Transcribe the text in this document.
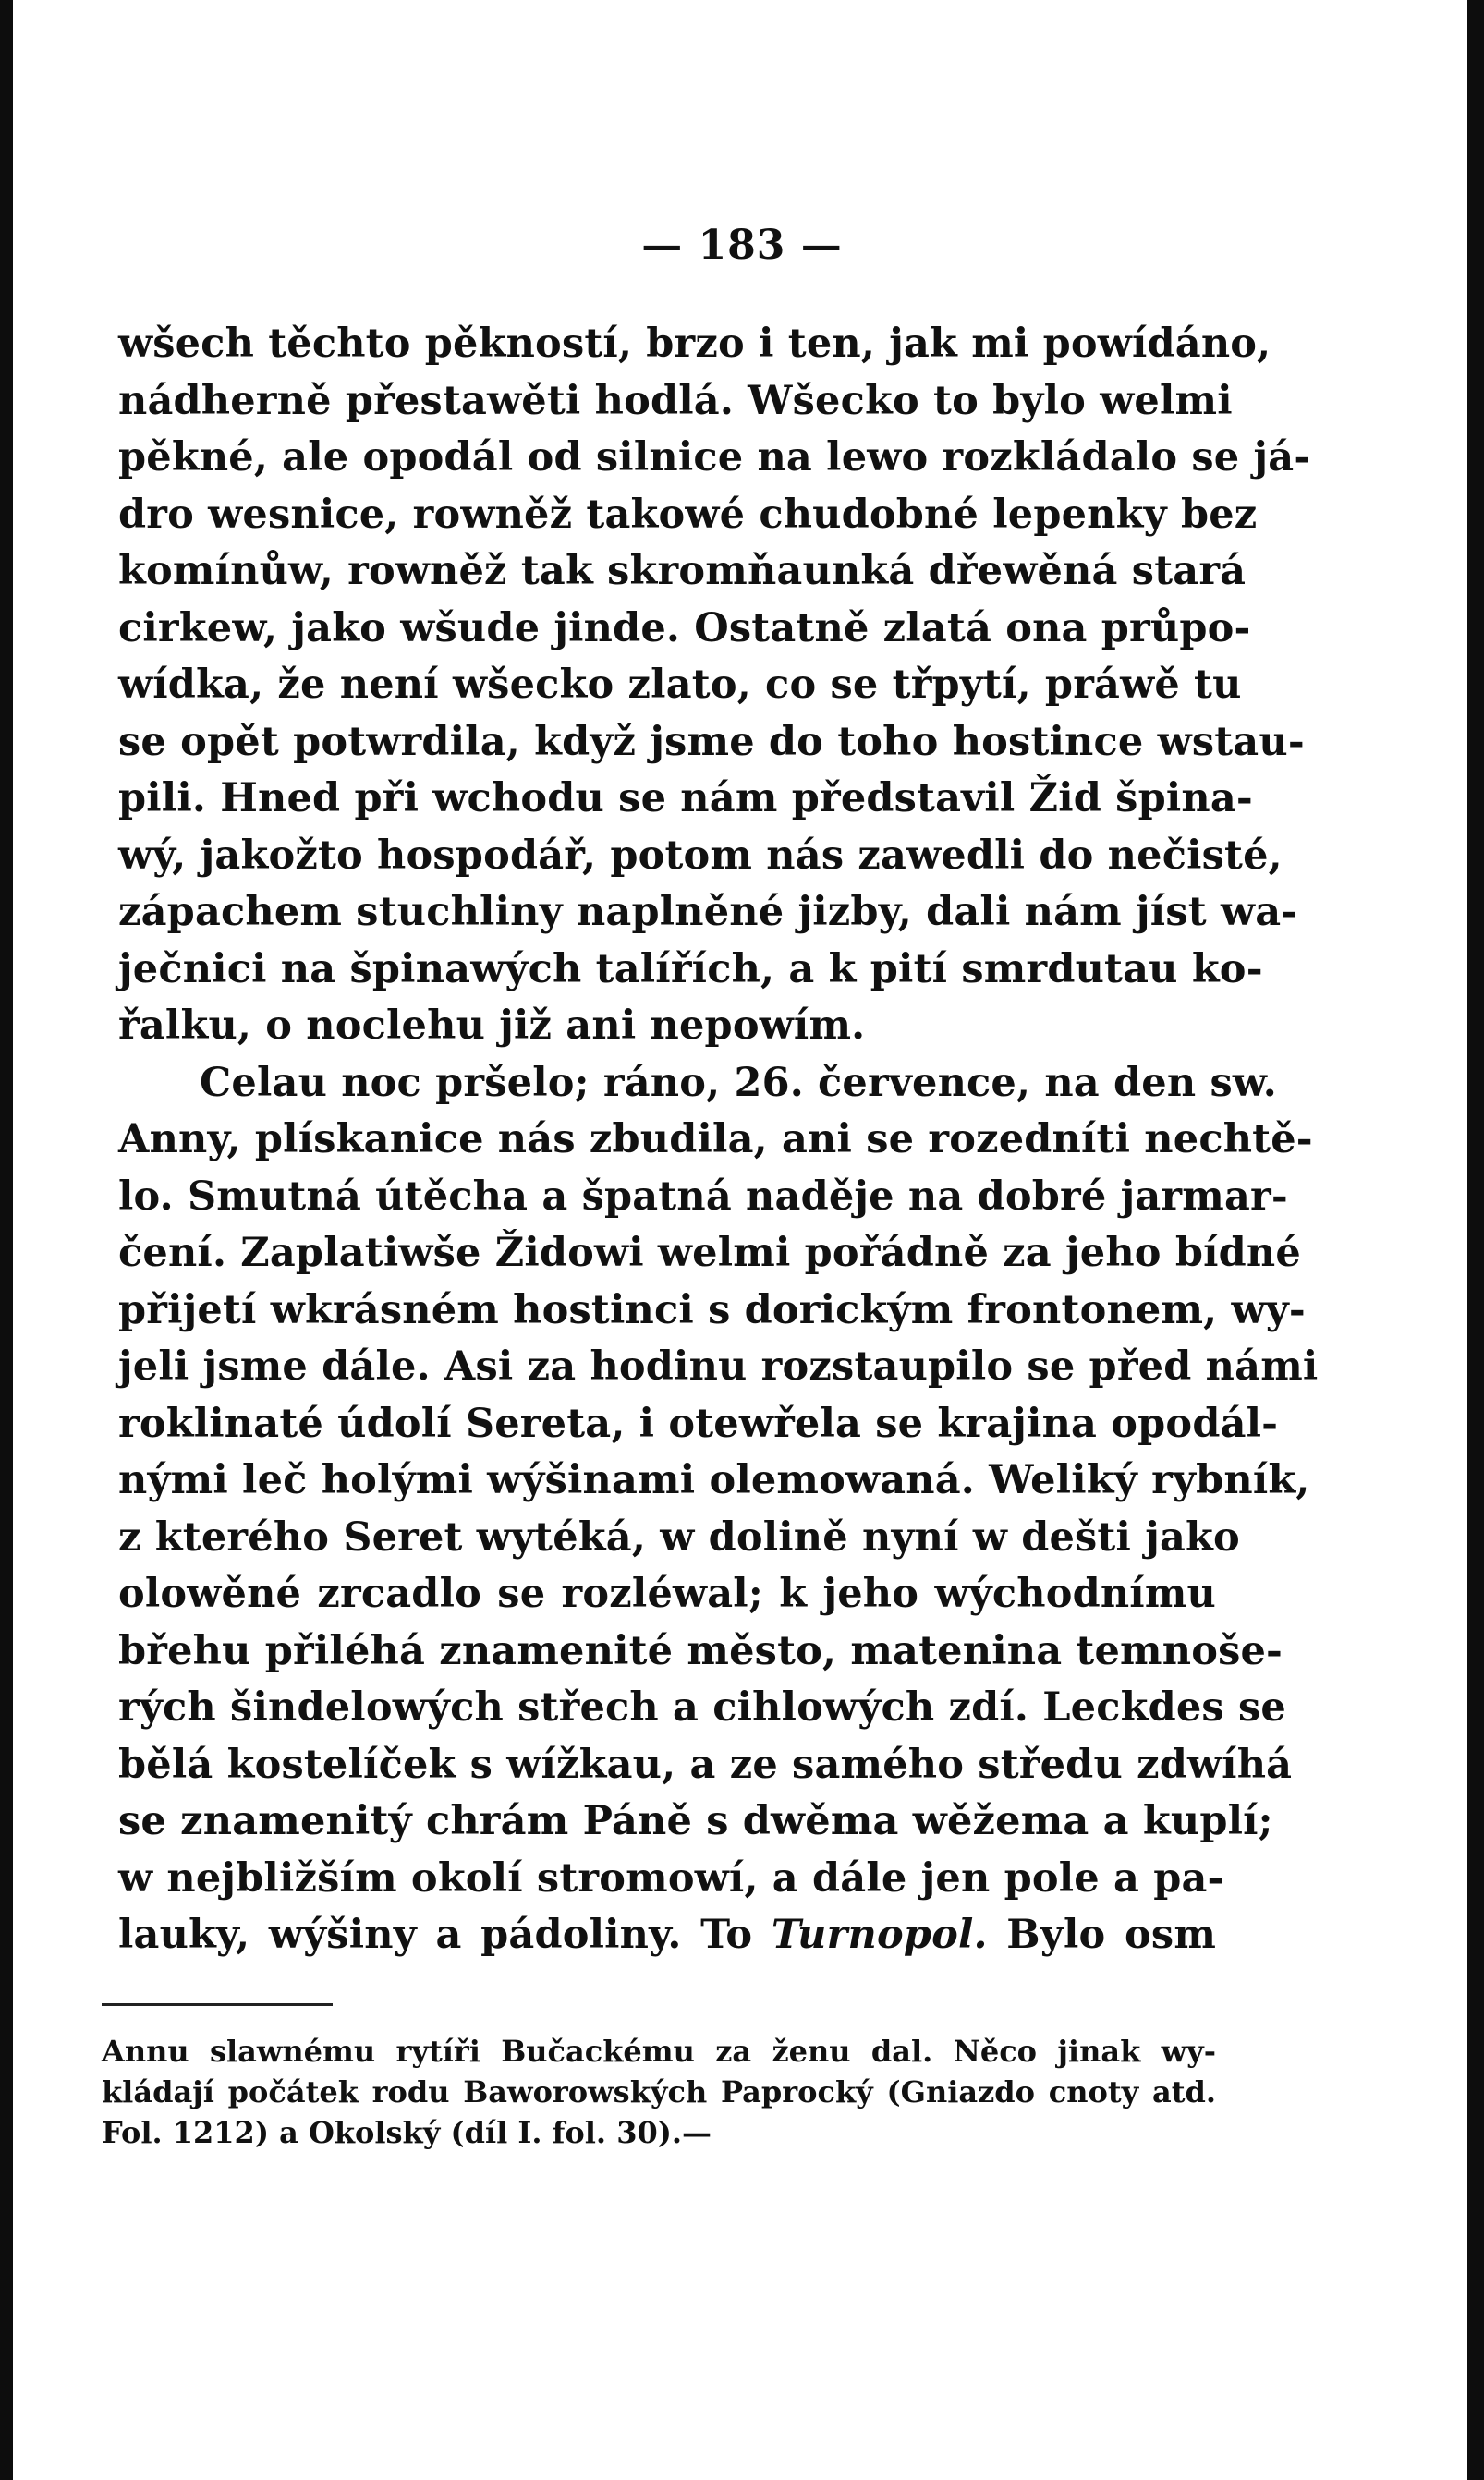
— 183 —
wšech těchto pěkností, brzo i ten, jak mi powídáno,
nádherně přestawěti hodlá. Wšecko to bylo welmi
pěkné, ale opodál od silnice na lewo rozkládalo se já-
dro wesnice, rowněž takowé chudobné lepenky bez
komínůw, rowněž tak skromňaunká dřewěná stará
cirkew, jako wšude jinde. Ostatně zlatá ona průpo-
wídka, že není wšecko zlato, co se třpytí, práwě tu
se opět potwrdila, když jsme do toho hostince wstau-
pili. Hned při wchodu se nám představil Žid špina-
wý, jakožto hospodář, potom nás zawedli do nečisté,
zápachem stuchliny naplněné jizby, dali nám jíst wa-
ječnici na špinawých talířích, a k pití smrdutau ko-
řalku, o noclehu již ani nepowím.
Celau noc pršelo; ráno, 26. července, na den sw.
Anny, plískanice nás zbudila, ani se rozedníti nechtě-
lo. Smutná útěcha a špatná naděje na dobré jarmar-
čení. Zaplatiwše Židowi welmi pořádně za jeho bídné
přijetí wkrásném hostinci s dorickým frontonem, wy-
jeli jsme dále. Asi za hodinu rozstaupilo se před námi
roklinaté údolí Sereta, i otewřela se krajina opodál-
nými leč holými wýšinami olemowaná. Weliký rybník,
z kterého Seret wytéká, w dolině nyní w dešti jako
olowěné zrcadlo se rozléwal; k jeho wýchodnímu
břehu přiléhá znamenité město, matenina temnoše-
rých šindelowých střech a cihlowých zdí. Leckdes se
bělá kostelíček s wížkau, a ze samého středu zdwíhá
se znamenitý chrám Páně s dwěma wěžema a kuplí;
w nejbližším okolí stromowí, a dále jen pole a pa-
lauky, wýšiny a pádoliny. To Turnopol. Bylo osm
Annu slawnému rytíři Bučackému za ženu dal. Něco jinak wy-
kládají počátek rodu Baworowských Paprocký (Gniazdo cnoty atd.
Fol. 1212) a Okolský (díl I. fol. 30).—
